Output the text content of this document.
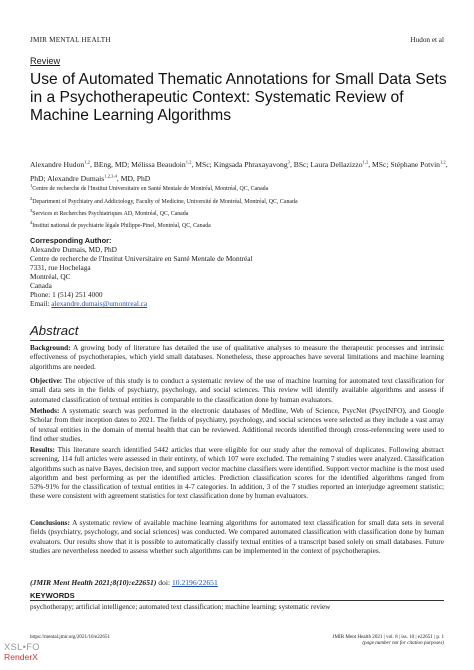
JMIR MENTAL HEALTH	Hudon et al
Review
Use of Automated Thematic Annotations for Small Data Sets in a Psychotherapeutic Context: Systematic Review of Machine Learning Algorithms
Alexandre Hudon$^{1,2}$, BEng, MD; Mélissa Beaudoin$^{1,2}$, MSc; Kingsada Phraxayavong$^3$, BSc; Laura Dellazizzo$^{1,2}$, MSc; Stéphane Potvin$^{1,2}$, PhD; Alexandre Dumais$^{1,2,3,4}$, MD, PhD
$^1$Centre de recherche de l'Institut Universitaire en Santé Mentale de Montréal, Montréal, QC, Canada
$^2$Department of Psychiatry and Addictology, Faculty of Medicine, Université de Montréal, Montréal, QC, Canada
$^3$Services et Recherches Psychiatriques AD, Montréal, QC, Canada
$^4$Institut national de psychiatrie légale Philippe-Pinel, Montréal, QC, Canada
Corresponding Author:
Alexandre Dumais, MD, PhD
Centre de recherche de l'Institut Universitaire en Santé Mentale de Montréal
7331, rue Hochelaga
Montréal, QC
Canada
Phone: 1 (514) 251 4000
Email: alexandre.dumais@umontreal.ca
Abstract
Background: A growing body of literature has detailed the use of qualitative analyses to measure the therapeutic processes and intrinsic effectiveness of psychotherapies, which yield small databases. Nonetheless, these approaches have several limitations and machine learning algorithms are needed.
Objective: The objective of this study is to conduct a systematic review of the use of machine learning for automated text classification for small data sets in the fields of psychiatry, psychology, and social sciences. This review will identify available algorithms and assess if automated classification of textual entities is comparable to the classification done by human evaluators.
Methods: A systematic search was performed in the electronic databases of Medline, Web of Science, PsycNet (PsycINFO), and Google Scholar from their inception dates to 2021. The fields of psychiatry, psychology, and social sciences were selected as they include a vast array of textual entities in the domain of mental health that can be reviewed. Additional records identified through cross-referencing were used to find other studies.
Results: This literature search identified 5442 articles that were eligible for our study after the removal of duplicates. Following abstract screening, 114 full articles were assessed in their entirety, of which 107 were excluded. The remaining 7 studies were analyzed. Classification algorithms such as naive Bayes, decision tree, and support vector machine classifiers were identified. Support vector machine is the most used algorithm and best performing as per the identified articles. Prediction classification scores for the identified algorithms ranged from 53%-91% for the classification of textual entities in 4-7 categories. In addition, 3 of the 7 studies reported an interjudge agreement statistic; these were consistent with agreement statistics for text classification done by human evaluators.
Conclusions: A systematic review of available machine learning algorithms for automated text classification for small data sets in several fields (psychiatry, psychology, and social sciences) was conducted. We compared automated classification with classification done by human evaluators. Our results show that it is possible to automatically classify textual entities of a transcript based solely on small databases. Future studies are nevertheless needed to assess whether such algorithms can be implemented in the context of psychotherapies.
(JMIR Ment Health 2021;8(10):e22651) doi: 10.2196/22651
KEYWORDS
psychotherapy; artificial intelligence; automated text classification; machine learning; systematic review
https://mental.jmir.org/2021/10/e22651	JMIR Ment Health 2021 | vol. 8 | iss. 10 | e22651 | p. 1
(page number not for citation purposes)
XSL•FO
RenderX
